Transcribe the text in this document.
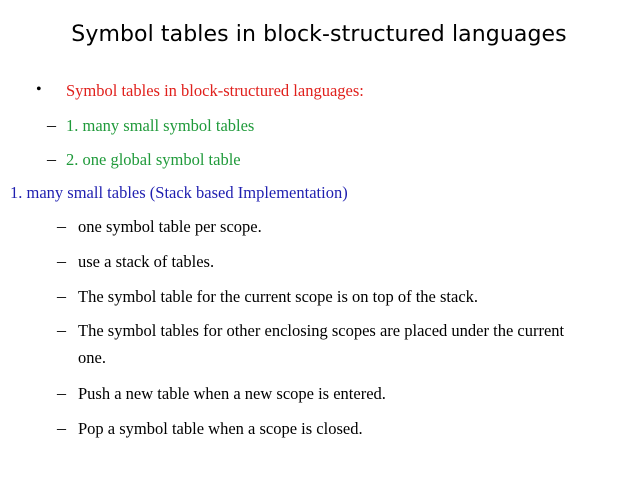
Symbol tables in block-structured languages
• Symbol tables in block-structured languages:
– 1. many small symbol tables
– 2. one global symbol table
1. many small tables (Stack based Implementation)
– one symbol table per scope.
– use a stack of tables.
– The symbol table for the current scope is on top of the stack.
– The symbol tables for other enclosing scopes are placed under the current
one.
– Push a new table when a new scope is entered.
– Pop a symbol table when a scope is closed.
